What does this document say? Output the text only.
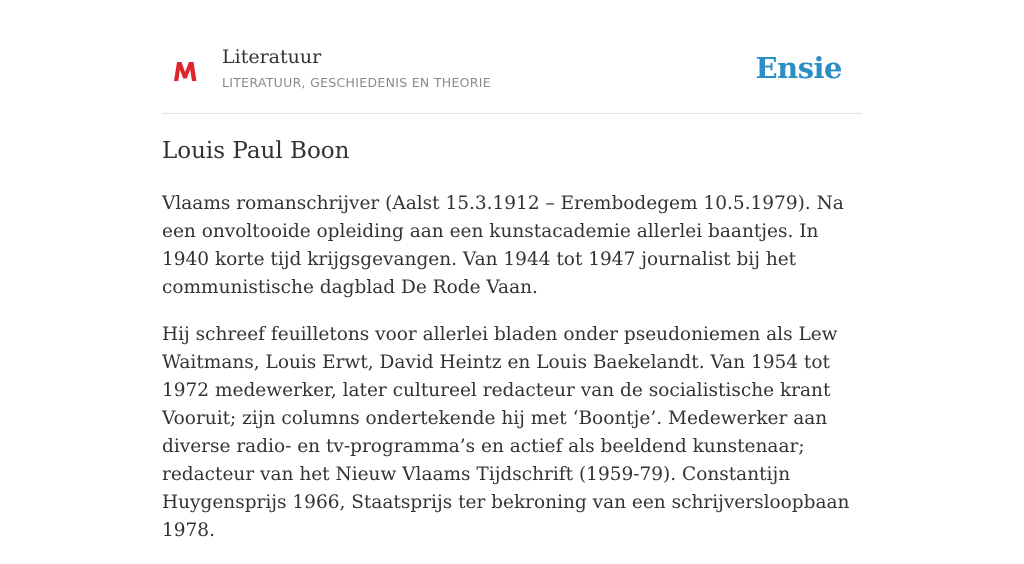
Literatuur
LITERATUUR, GESCHIEDENIS EN THEORIE	Ensie
Louis Paul Boon

Vlaams romanschrijver (Aalst 15.3.1912 – Erembodegem 10.5.1979). Na een onvoltooide opleiding aan een kunstacademie allerlei baantjes. In 1940 korte tijd krijgsgevangen. Van 1944 tot 1947 journalist bij het communistische dagblad De Rode Vaan.

Hij schreef feuilletons voor allerlei bladen onder pseudoniemen als Lew Waitmans, Louis Erwt, David Heintz en Louis Baekelandt. Van 1954 tot 1972 medewerker, later cultureel redacteur van de socialistische krant Vooruit; zijn columns ondertekende hij met ‘Boontje’. Medewerker aan diverse radio- en tv-programma’s en actief als beeldend kunstenaar; redacteur van het Nieuw Vlaams Tijdschrift (1959-79). Constantijn Huygensprijs 1966, Staatsprijs ter bekroning van een schrijversloopbaan 1978.
